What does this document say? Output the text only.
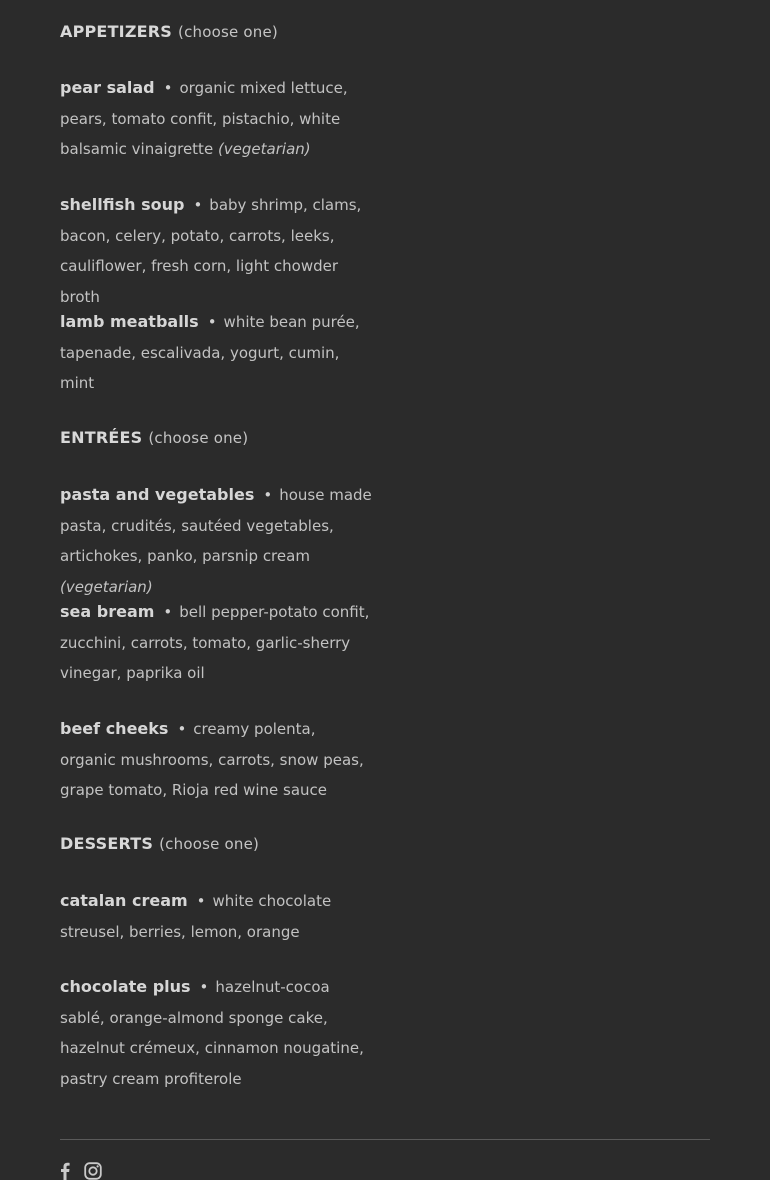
APPETIZERS (choose one)

pear salad • organic mixed lettuce, pears, tomato confit, pistachio, white balsamic vinaigrette (vegetarian)

shellfish soup • baby shrimp, clams, bacon, celery, potato, carrots, leeks, cauliflower, fresh corn, light chowder broth

lamb meatballs • white bean purée, tapenade, escalivada, yogurt, cumin, mint

ENTRÉES (choose one)

pasta and vegetables • house made pasta, crudités, sautéed vegetables, artichokes, panko, parsnip cream (vegetarian)

sea bream • bell pepper-potato confit, zucchini, carrots, tomato, garlic-sherry vinegar, paprika oil

beef cheeks • creamy polenta, organic mushrooms, carrots, snow peas, grape tomato, Rioja red wine sauce

DESSERTS (choose one)

catalan cream • white chocolate streusel, berries, lemon, orange

chocolate plus • hazelnut-cocoa sablé, orange-almond sponge cake, hazelnut crémeux, cinnamon nougatine, pastry cream profiterole
